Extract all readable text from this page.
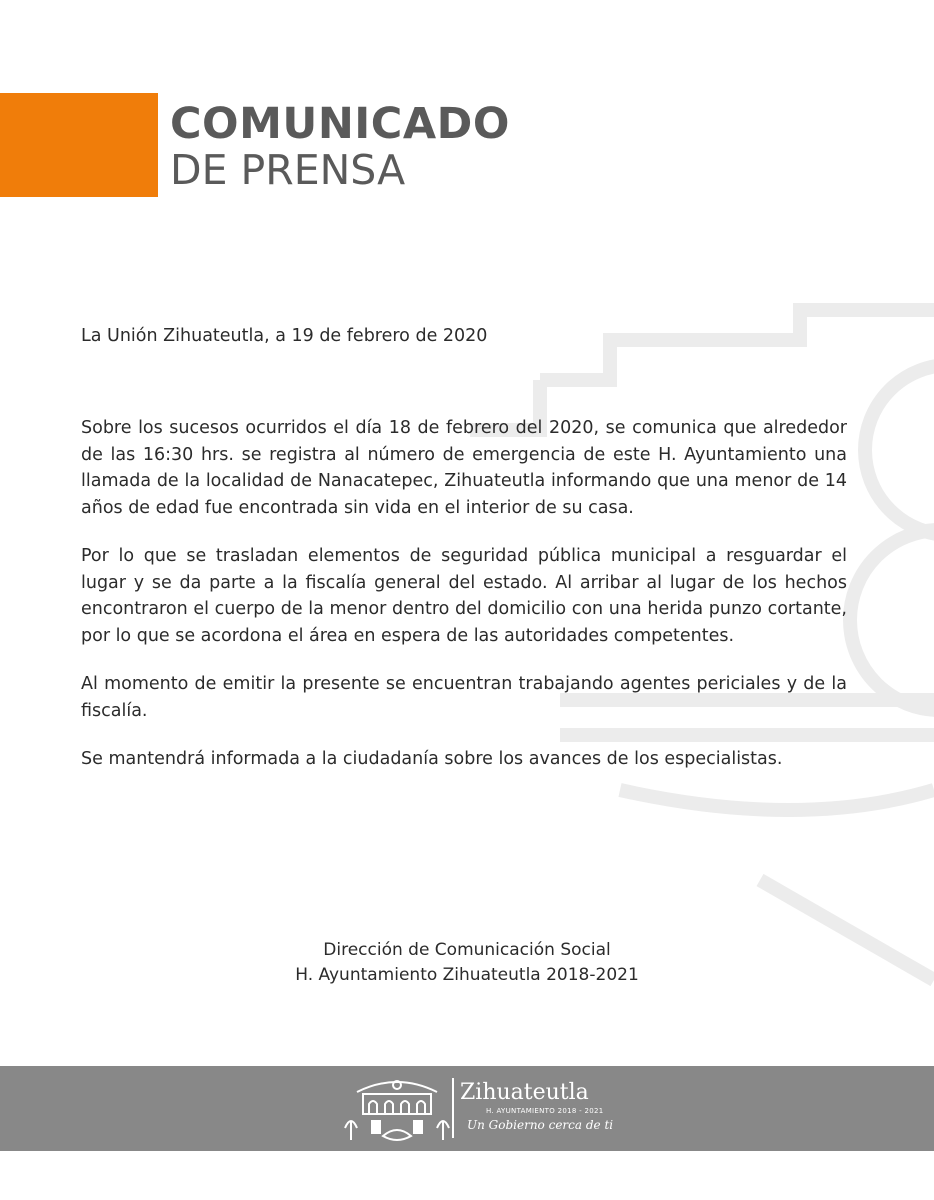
COMUNICADO
DE PRENSA
La Unión Zihuateutla, a 19 de febrero de 2020

Sobre los sucesos ocurridos el día 18 de febrero del 2020, se comunica que alrededor de las 16:30 hrs. se registra al número de emergencia de este H. Ayuntamiento una llamada de la localidad de Nanacatepec, Zihuateutla informando que una menor de 14 años de edad fue encontrada sin vida en el interior de su casa.

Por lo que se trasladan elementos de seguridad pública municipal a resguardar el lugar y se da parte a la fiscalía general del estado. Al arribar al lugar de los hechos encontraron el cuerpo de la menor dentro del domicilio con una herida punzo cortante, por lo que se acordona el área en espera de las autoridades competentes.

Al momento de emitir la presente se encuentran trabajando agentes periciales y de la fiscalía.

Se mantendrá informada a la ciudadanía sobre los avances de los especialistas.

Dirección de Comunicación Social
H. Ayuntamiento Zihuateutla 2018-2021
Zihuateutla
H. AYUNTAMIENTO 2018 - 2021
Un Gobierno cerca de ti
